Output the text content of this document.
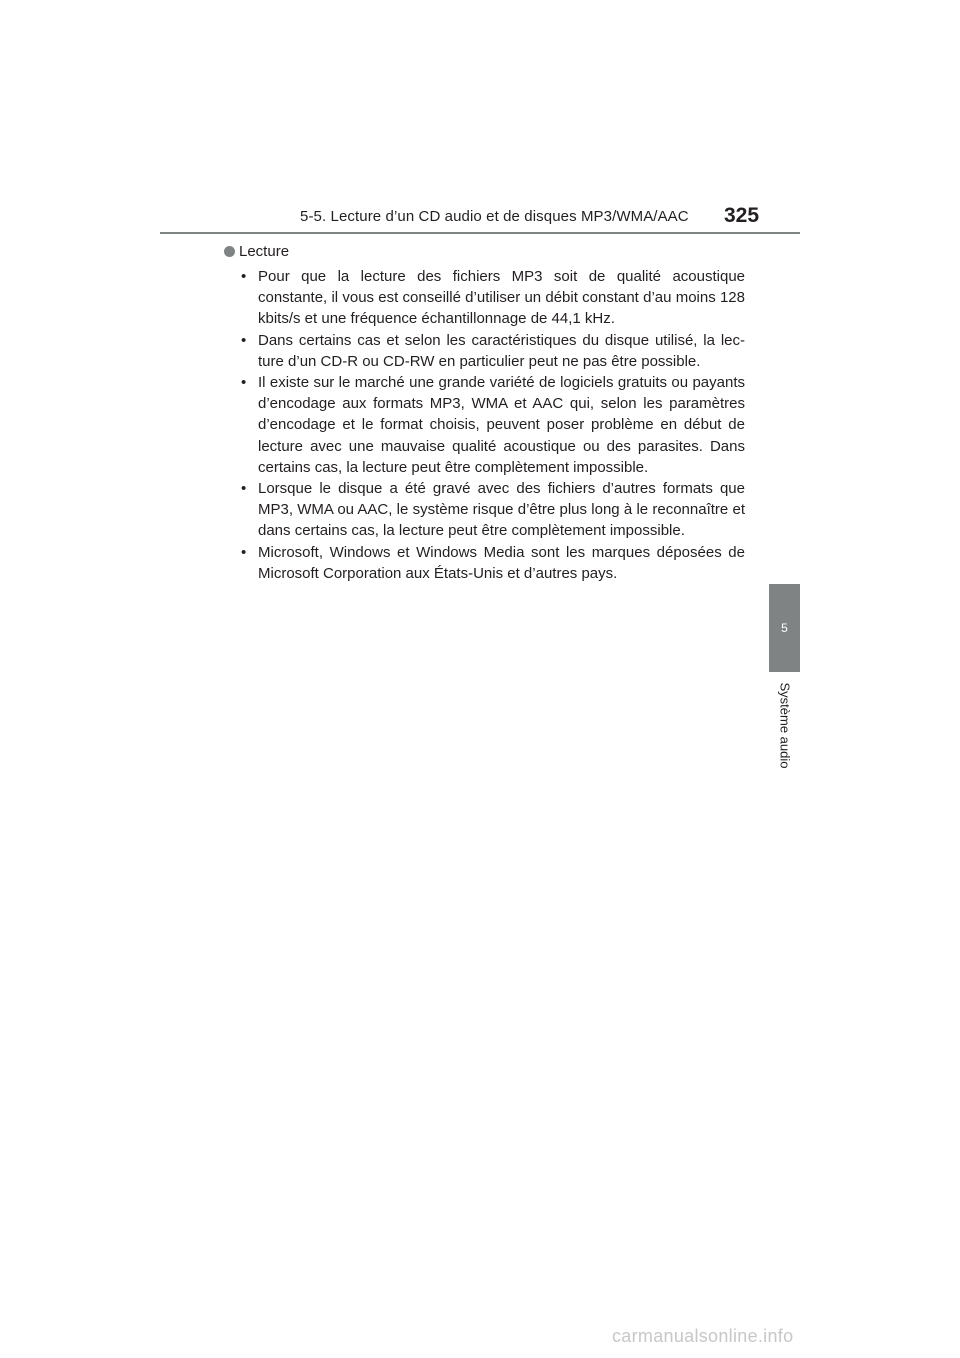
5-5. Lecture d’un CD audio et de disques MP3/WMA/AAC 325
5
Système audio
Lecture
• Pour que la lecture des fichiers MP3 soit de qualité acoustique constante, il vous est conseillé d’utiliser un débit constant d’au moins 128 kbits/s et une fréquence échantillonnage de 44,1 kHz.
• Dans certains cas et selon les caractéristiques du disque utilisé, la lec-ture d’un CD-R ou CD-RW en particulier peut ne pas être possible.
• Il existe sur le marché une grande variété de logiciels gratuits ou payants d’encodage aux formats MP3, WMA et AAC qui, selon les paramètres d’encodage et le format choisis, peuvent poser problème en début de lecture avec une mauvaise qualité acoustique ou des parasites. Dans certains cas, la lecture peut être complètement impossible.
• Lorsque le disque a été gravé avec des fichiers d’autres formats que MP3, WMA ou AAC, le système risque d’être plus long à le reconnaître et dans certains cas, la lecture peut être complètement impossible.
• Microsoft, Windows et Windows Media sont les marques déposées de Microsoft Corporation aux États-Unis et d’autres pays.
carmanualsonline.info
